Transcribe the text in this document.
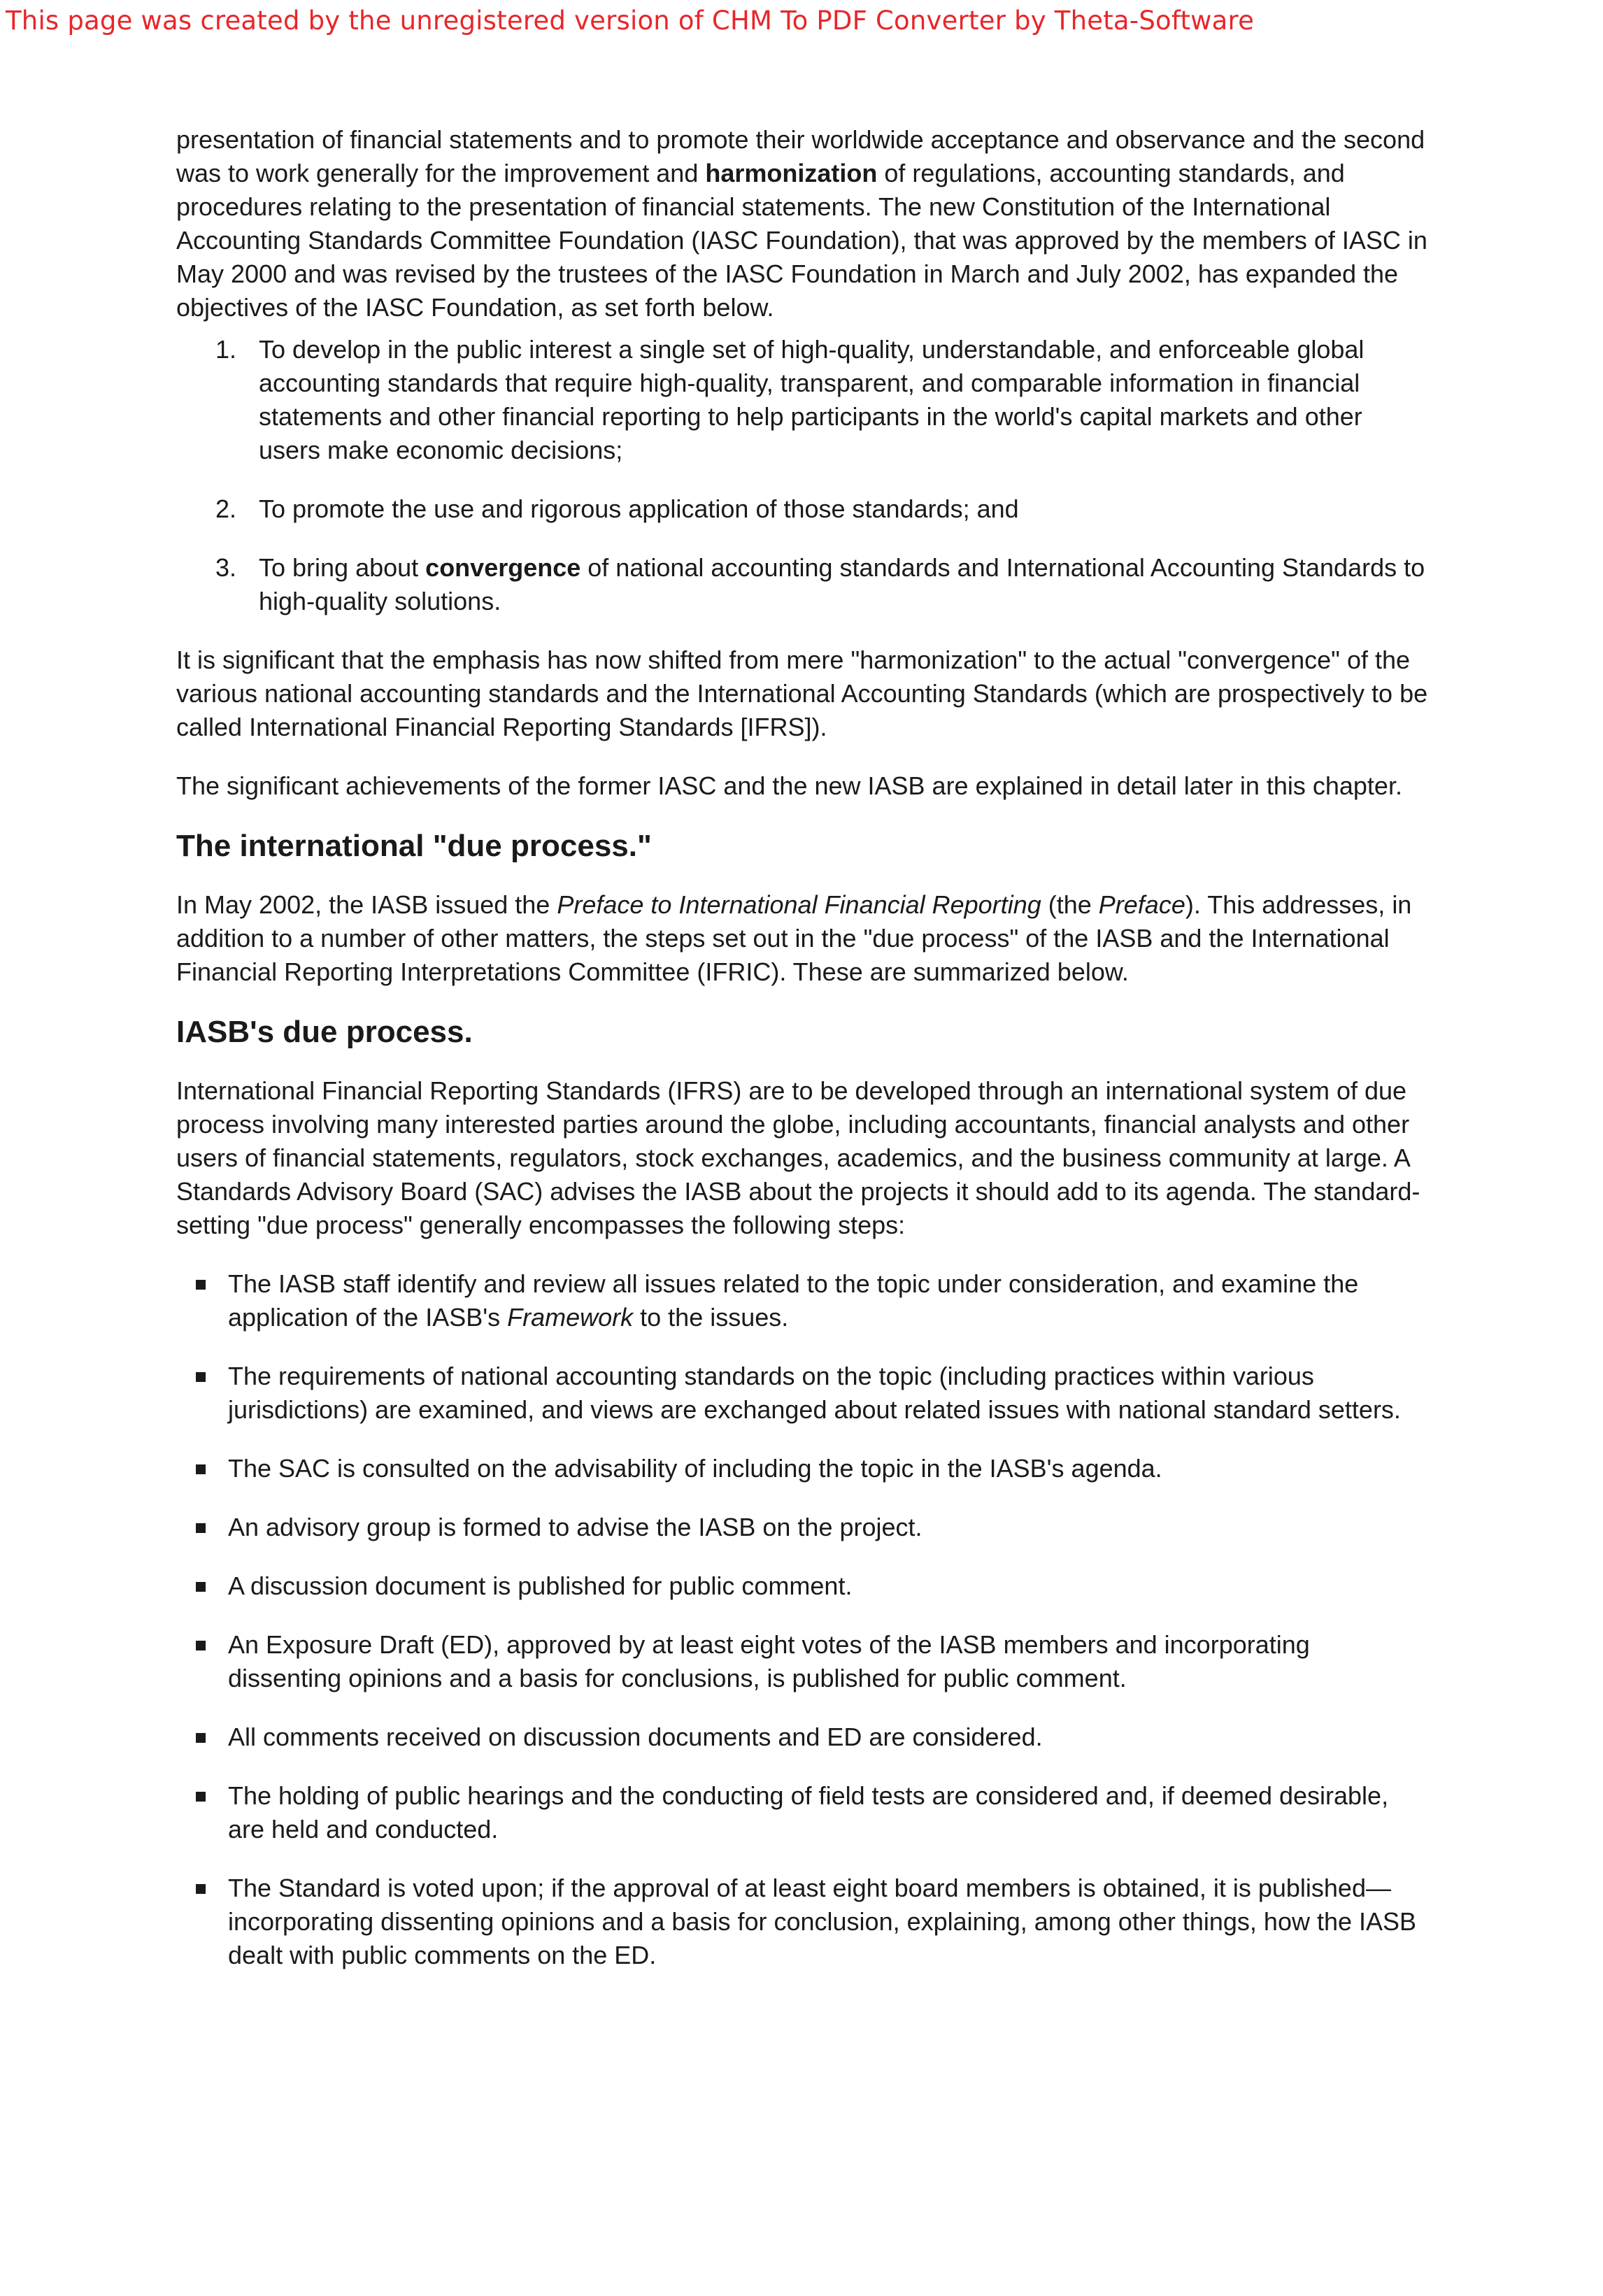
This page was created by the unregistered version of CHM To PDF Converter by Theta-Software

presentation of financial statements and to promote their worldwide acceptance and observance and the second was to work generally for the improvement and harmonization of regulations, accounting standards, and procedures relating to the presentation of financial statements. The new Constitution of the International Accounting Standards Committee Foundation (IASC Foundation), that was approved by the members of IASC in May 2000 and was revised by the trustees of the IASC Foundation in March and July 2002, has expanded the objectives of the IASC Foundation, as set forth below.

1. To develop in the public interest a single set of high-quality, understandable, and enforceable global accounting standards that require high-quality, transparent, and comparable information in financial statements and other financial reporting to help participants in the world's capital markets and other users make economic decisions;
2. To promote the use and rigorous application of those standards; and
3. To bring about convergence of national accounting standards and International Accounting Standards to high-quality solutions.

It is significant that the emphasis has now shifted from mere "harmonization" to the actual "convergence" of the various national accounting standards and the International Accounting Standards (which are prospectively to be called International Financial Reporting Standards [IFRS]).

The significant achievements of the former IASC and the new IASB are explained in detail later in this chapter.

The international "due process."

In May 2002, the IASB issued the Preface to International Financial Reporting (the Preface). This addresses, in addition to a number of other matters, the steps set out in the "due process" of the IASB and the International Financial Reporting Interpretations Committee (IFRIC). These are summarized below.

IASB's due process.

International Financial Reporting Standards (IFRS) are to be developed through an international system of due process involving many interested parties around the globe, including accountants, financial analysts and other users of financial statements, regulators, stock exchanges, academics, and the business community at large. A Standards Advisory Board (SAC) advises the IASB about the projects it should add to its agenda. The standard-setting "due process" generally encompasses the following steps:

The IASB staff identify and review all issues related to the topic under consideration, and examine the application of the IASB's Framework to the issues.
The requirements of national accounting standards on the topic (including practices within various jurisdictions) are examined, and views are exchanged about related issues with national standard setters.
The SAC is consulted on the advisability of including the topic in the IASB's agenda.
An advisory group is formed to advise the IASB on the project.
A discussion document is published for public comment.
An Exposure Draft (ED), approved by at least eight votes of the IASB members and incorporating dissenting opinions and a basis for conclusions, is published for public comment.
All comments received on discussion documents and ED are considered.
The holding of public hearings and the conducting of field tests are considered and, if deemed desirable, are held and conducted.
The Standard is voted upon; if the approval of at least eight board members is obtained, it is published—incorporating dissenting opinions and a basis for conclusion, explaining, among other things, how the IASB dealt with public comments on the ED.
